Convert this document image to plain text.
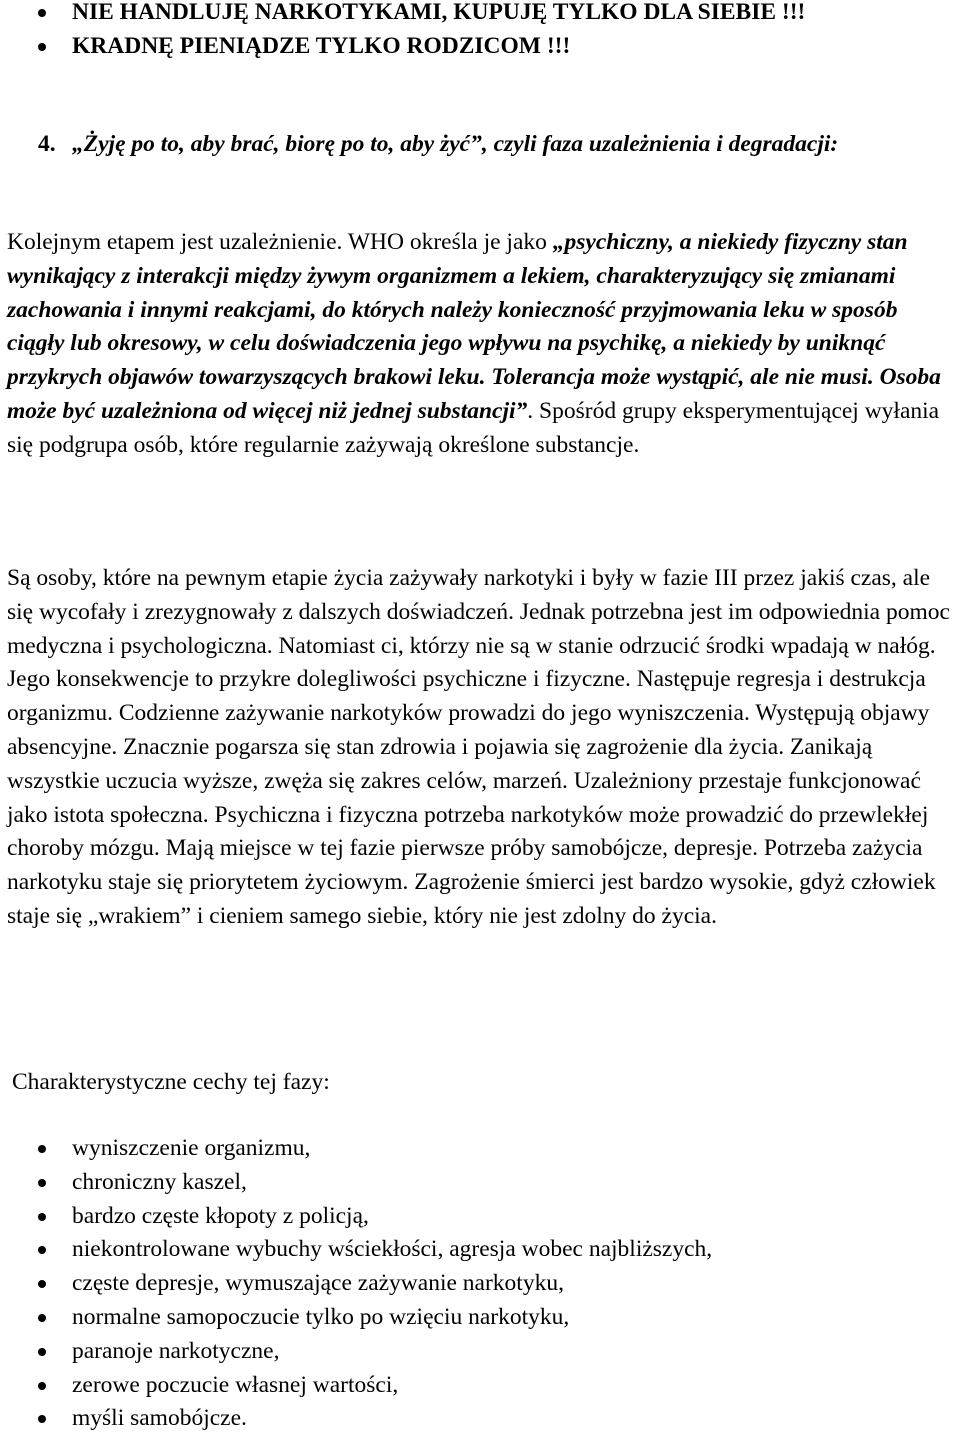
NIE HANDLUJĘ NARKOTYKAMI, KUPUJĘ TYLKO DLA SIEBIE !!!
KRADNĘ PIENIĄDZE TYLKO RODZICOM !!!
4. „Żyję po to, aby brać, biorę po to, aby żyć”, czyli faza uzależnienia i degradacji:
Kolejnym etapem jest uzależnienie. WHO określa je jako „psychiczny, a niekiedy fizyczny stan wynikający z interakcji między żywym organizmem a lekiem, charakteryzujący się zmianami zachowania i innymi reakcjami, do których należy konieczność przyjmowania leku w sposób ciągły lub okresowy, w celu doświadczenia jego wpływu na psychikę, a niekiedy by uniknąć przykrych objawów towarzyszących brakowi leku. Tolerancja może wystąpić, ale nie musi. Osoba może być uzależniona od więcej niż jednej substancji”. Spośród grupy eksperymentującej wyłania się podgrupa osób, które regularnie zażywają określone substancje.
Są osoby, które na pewnym etapie życia zażywały narkotyki i były w fazie III przez jakiś czas, ale się wycofały i zrezygnowały z dalszych doświadczeń. Jednak potrzebna jest im odpowiednia pomoc medyczna i psychologiczna. Natomiast ci, którzy nie są w stanie odrzucić środki wpadają w nałóg. Jego konsekwencje to przykre dolegliwości psychiczne i fizyczne. Następuje regresja i destrukcja organizmu. Codzienne zażywanie narkotyków prowadzi do jego wyniszczenia. Występują objawy absencyjne. Znacznie pogarsza się stan zdrowia i pojawia się zagrożenie dla życia. Zanikają wszystkie uczucia wyższe, zwęża się zakres celów, marzeń. Uzależniony przestaje funkcjonować jako istota społeczna. Psychiczna i fizyczna potrzeba narkotyków może prowadzić do przewlekłej choroby mózgu. Mają miejsce w tej fazie pierwsze próby samobójcze, depresje. Potrzeba zażycia narkotyku staje się priorytetem życiowym. Zagrożenie śmierci jest bardzo wysokie, gdyż człowiek staje się „wrakiem” i cieniem samego siebie, który nie jest zdolny do życia.
Charakterystyczne cechy tej fazy:
wyniszczenie organizmu,
chroniczny kaszel,
bardzo częste kłopoty z policją,
niekontrolowane wybuchy wściekłości, agresja wobec najbliższych,
częste depresje, wymuszające zażywanie narkotyku,
normalne samopoczucie tylko po wzięciu narkotyku,
paranoje narkotyczne,
zerowe poczucie własnej wartości,
myśli samobójcze.
